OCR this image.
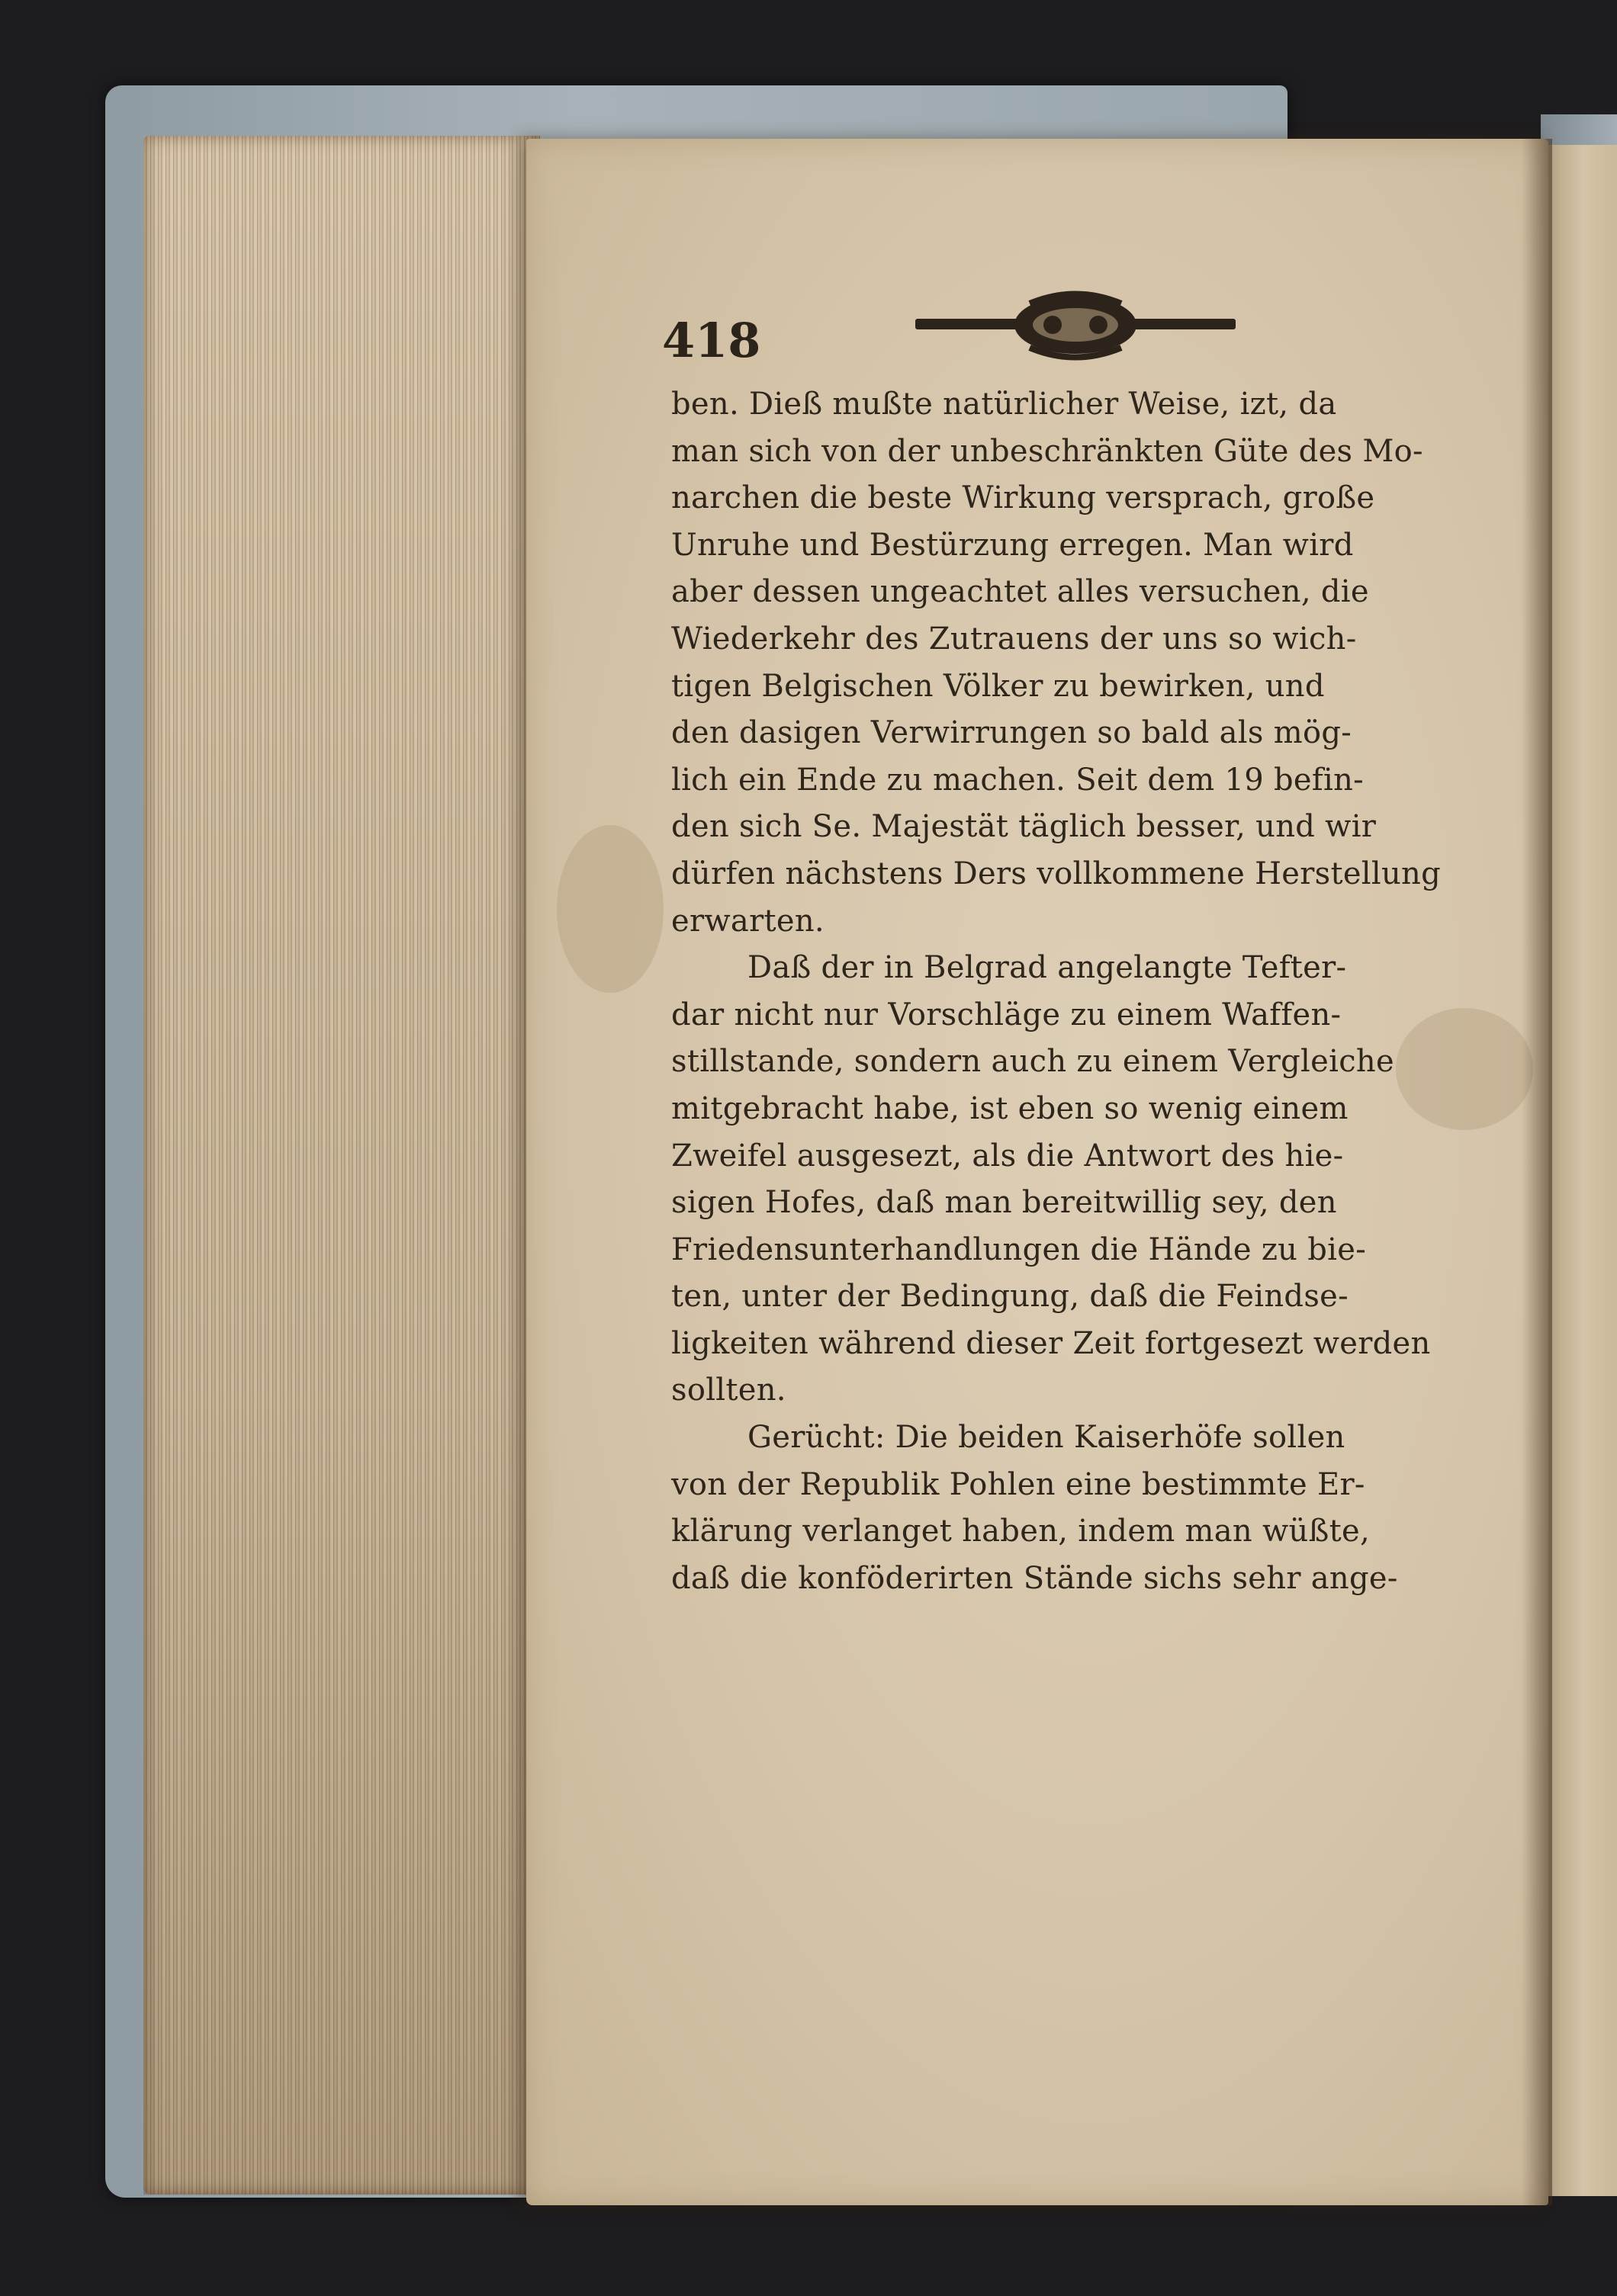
418
ben. Dieß mußte natürlicher Weise, izt, da
man sich von der unbeschränkten Güte des Mo-
narchen die beste Wirkung versprach, große
Unruhe und Bestürzung erregen. Man wird
aber dessen ungeachtet alles versuchen, die
Wiederkehr des Zutrauens der uns so wich-
tigen Belgischen Völker zu bewirken, und
den dasigen Verwirrungen so bald als mög-
lich ein Ende zu machen. Seit dem 19 befin-
den sich Se. Majestät täglich besser, und wir
dürfen nächstens Ders vollkommene Herstellung
erwarten.
Daß der in Belgrad angelangte Tefter-
dar nicht nur Vorschläge zu einem Waffen-
stillstande, sondern auch zu einem Vergleiche
mitgebracht habe, ist eben so wenig einem
Zweifel ausgesezt, als die Antwort des hie-
sigen Hofes, daß man bereitwillig sey, den
Friedensunterhandlungen die Hände zu bie-
ten, unter der Bedingung, daß die Feindse-
ligkeiten während dieser Zeit fortgesezt werden
sollten.
Gerücht: Die beiden Kaiserhöfe sollen
von der Republik Pohlen eine bestimmte Er-
klärung verlanget haben, indem man wüßte,
daß die konföderirten Stände sichs sehr ange-
